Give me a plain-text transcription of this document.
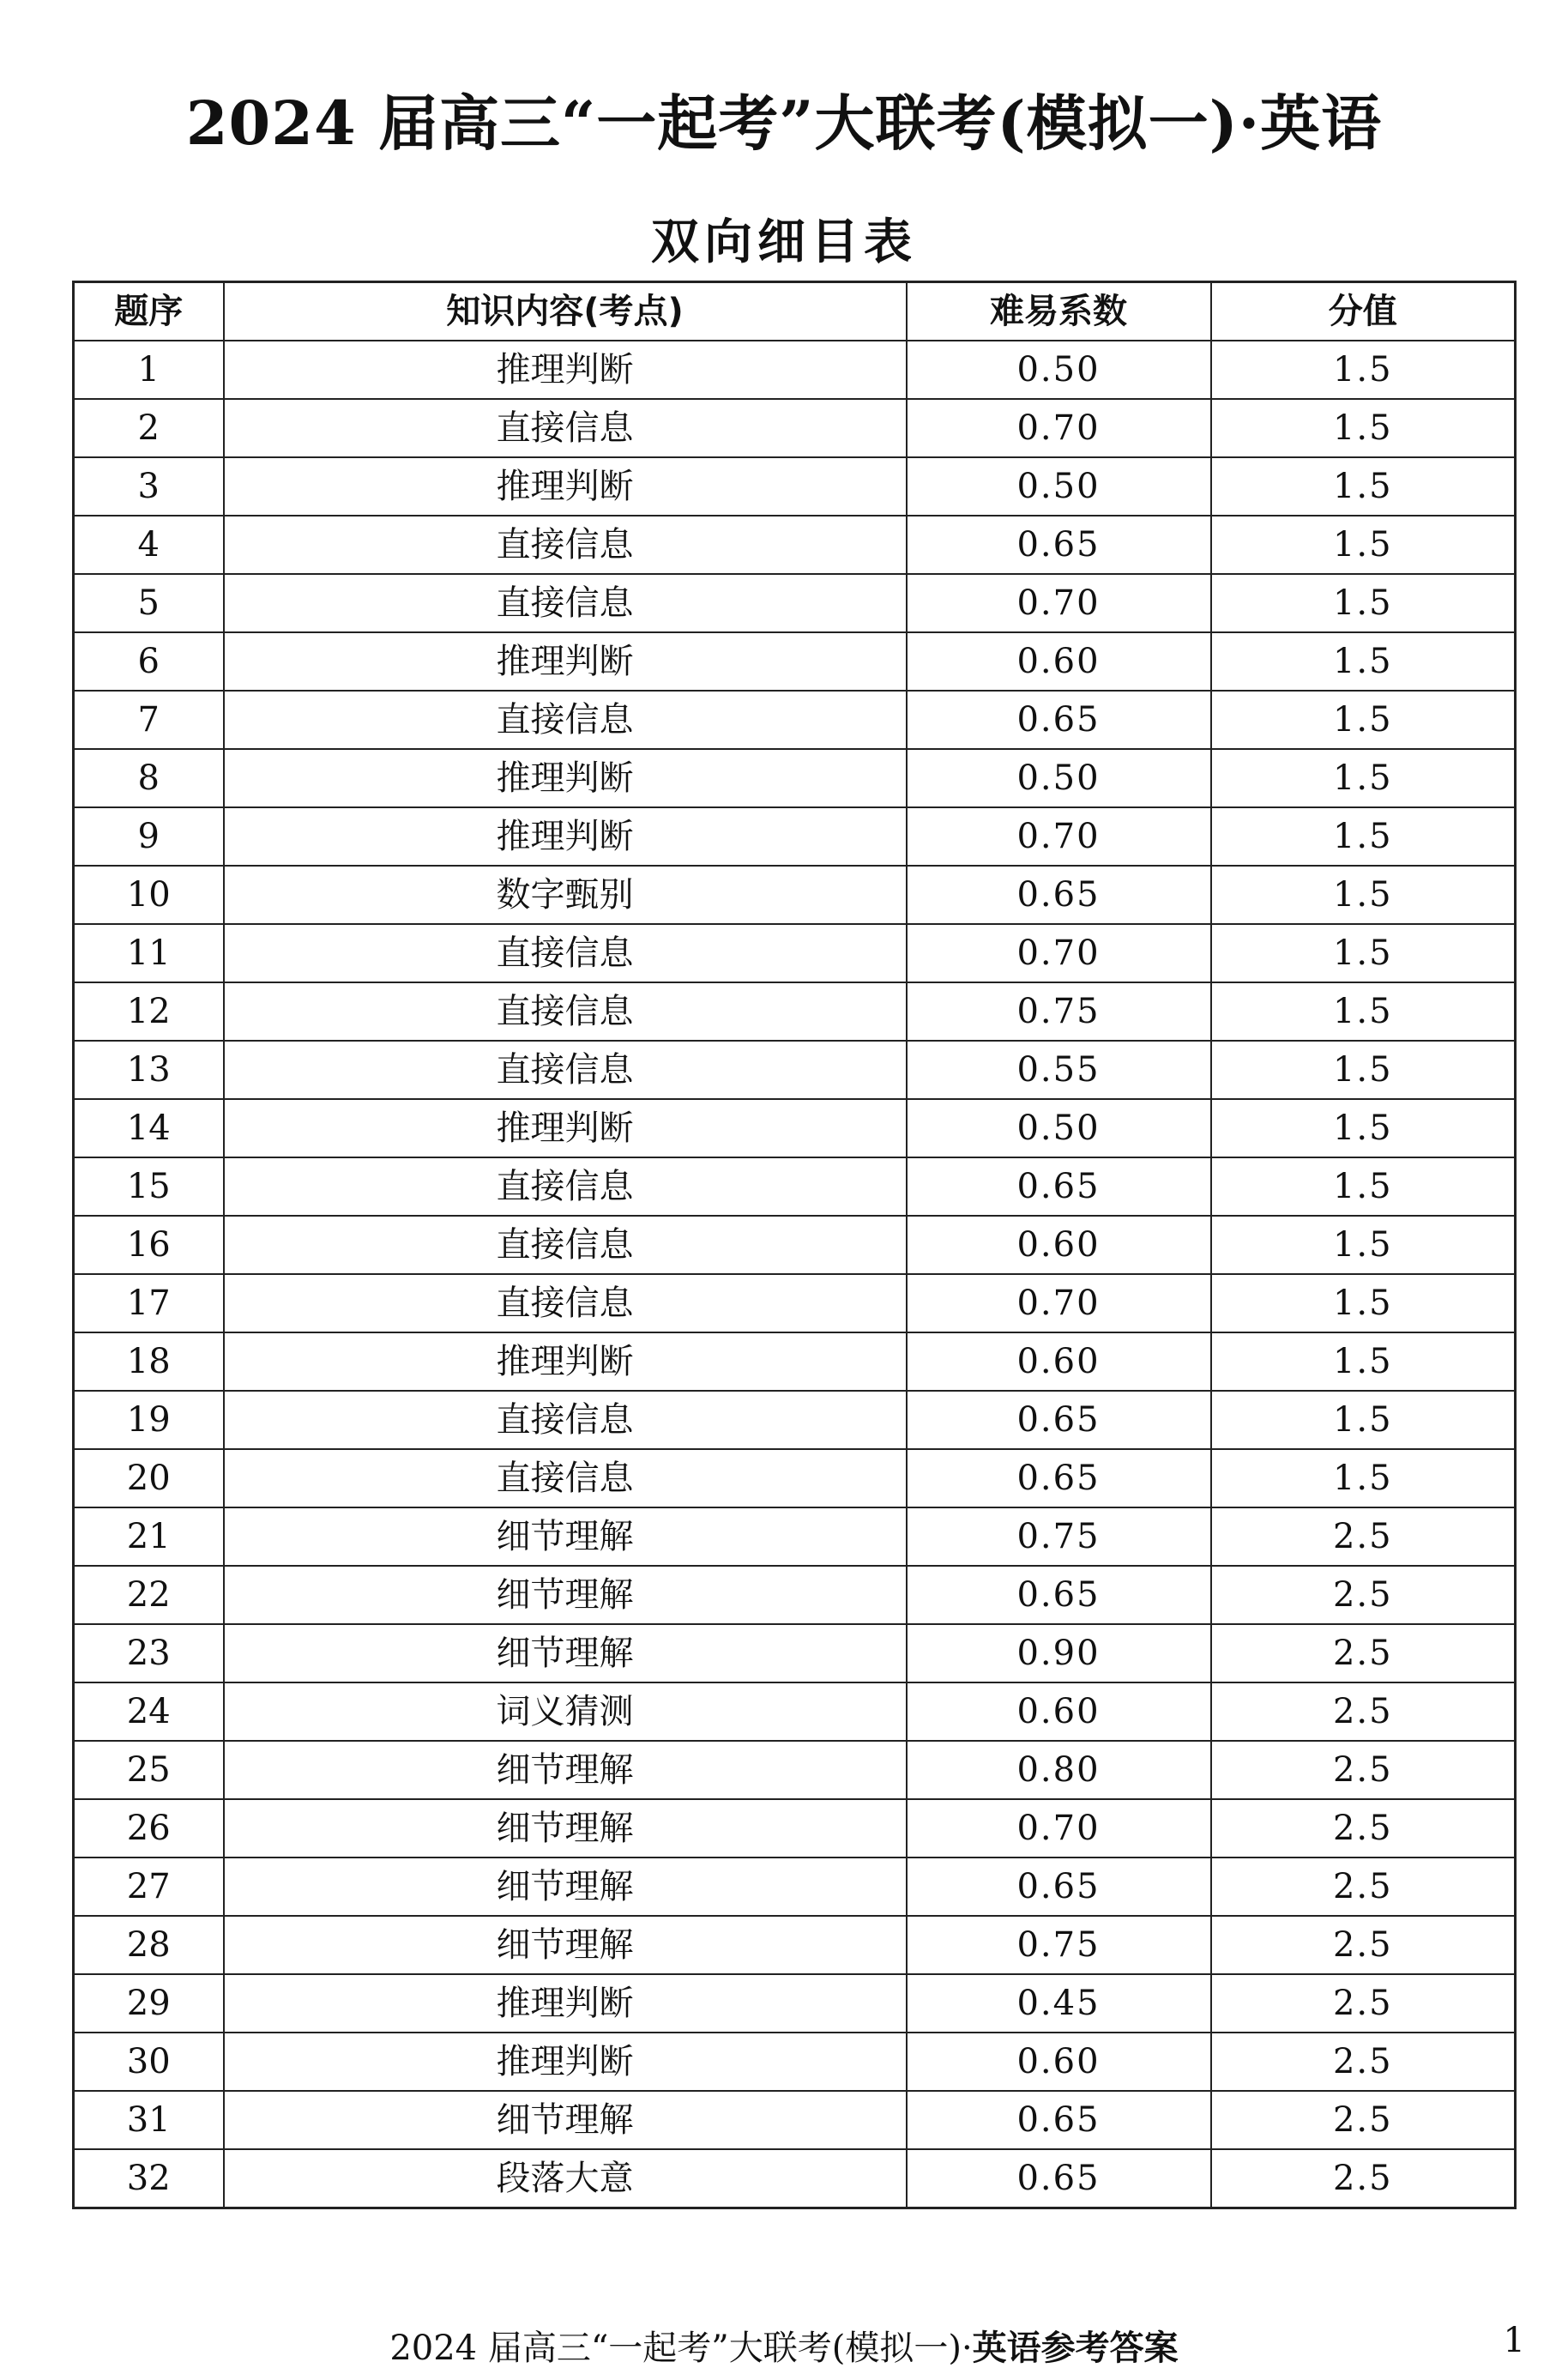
2024 届高三“一起考”大联考(模拟一)·英语
双向细目表
题序	知识内容(考点)	难易系数	分值
1	推理判断	0.50	1.5
2	直接信息	0.70	1.5
3	推理判断	0.50	1.5
4	直接信息	0.65	1.5
5	直接信息	0.70	1.5
6	推理判断	0.60	1.5
7	直接信息	0.65	1.5
8	推理判断	0.50	1.5
9	推理判断	0.70	1.5
10	数字甄别	0.65	1.5
11	直接信息	0.70	1.5
12	直接信息	0.75	1.5
13	直接信息	0.55	1.5
14	推理判断	0.50	1.5
15	直接信息	0.65	1.5
16	直接信息	0.60	1.5
17	直接信息	0.70	1.5
18	推理判断	0.60	1.5
19	直接信息	0.65	1.5
20	直接信息	0.65	1.5
21	细节理解	0.75	2.5
22	细节理解	0.65	2.5
23	细节理解	0.90	2.5
24	词义猜测	0.60	2.5
25	细节理解	0.80	2.5
26	细节理解	0.70	2.5
27	细节理解	0.65	2.5
28	细节理解	0.75	2.5
29	推理判断	0.45	2.5
30	推理判断	0.60	2.5
31	细节理解	0.65	2.5
32	段落大意	0.65	2.5
2024 届高三“一起考”大联考(模拟一)·英语参考答案	1
